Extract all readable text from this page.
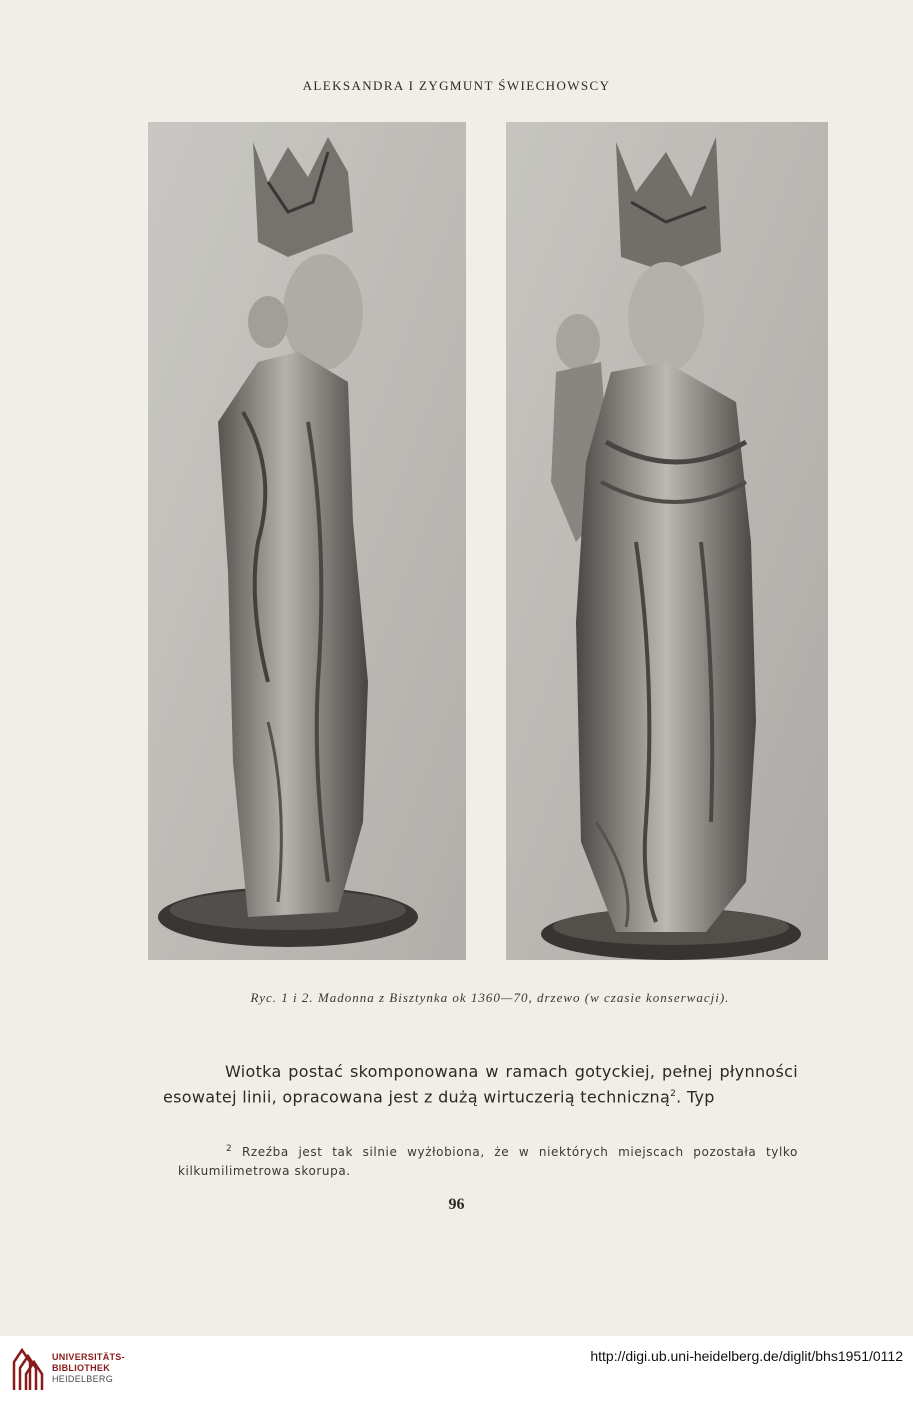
ALEKSANDRA I ZYGMUNT ŚWIECHOWSCY
Ryc. 1 i 2. Madonna z Bisztynka ok 1360—70, drzewo (w czasie konserwacji).
Wiotka postać skomponowana w ramach gotyckiej, pełnej płynności esowatej linii, opracowana jest z dużą wirtuczerią techniczną$^2$. Typ
$^2$ Rzeźba jest tak silnie wyżłobiona, że w niektórych miejscach pozostała tylko kilkumilimetrowa skorupa.
96
UNIVERSITÄTS-
BIBLIOTHEK
HEIDELBERG
http://digi.ub.uni-heidelberg.de/diglit/bhs1951/0112
